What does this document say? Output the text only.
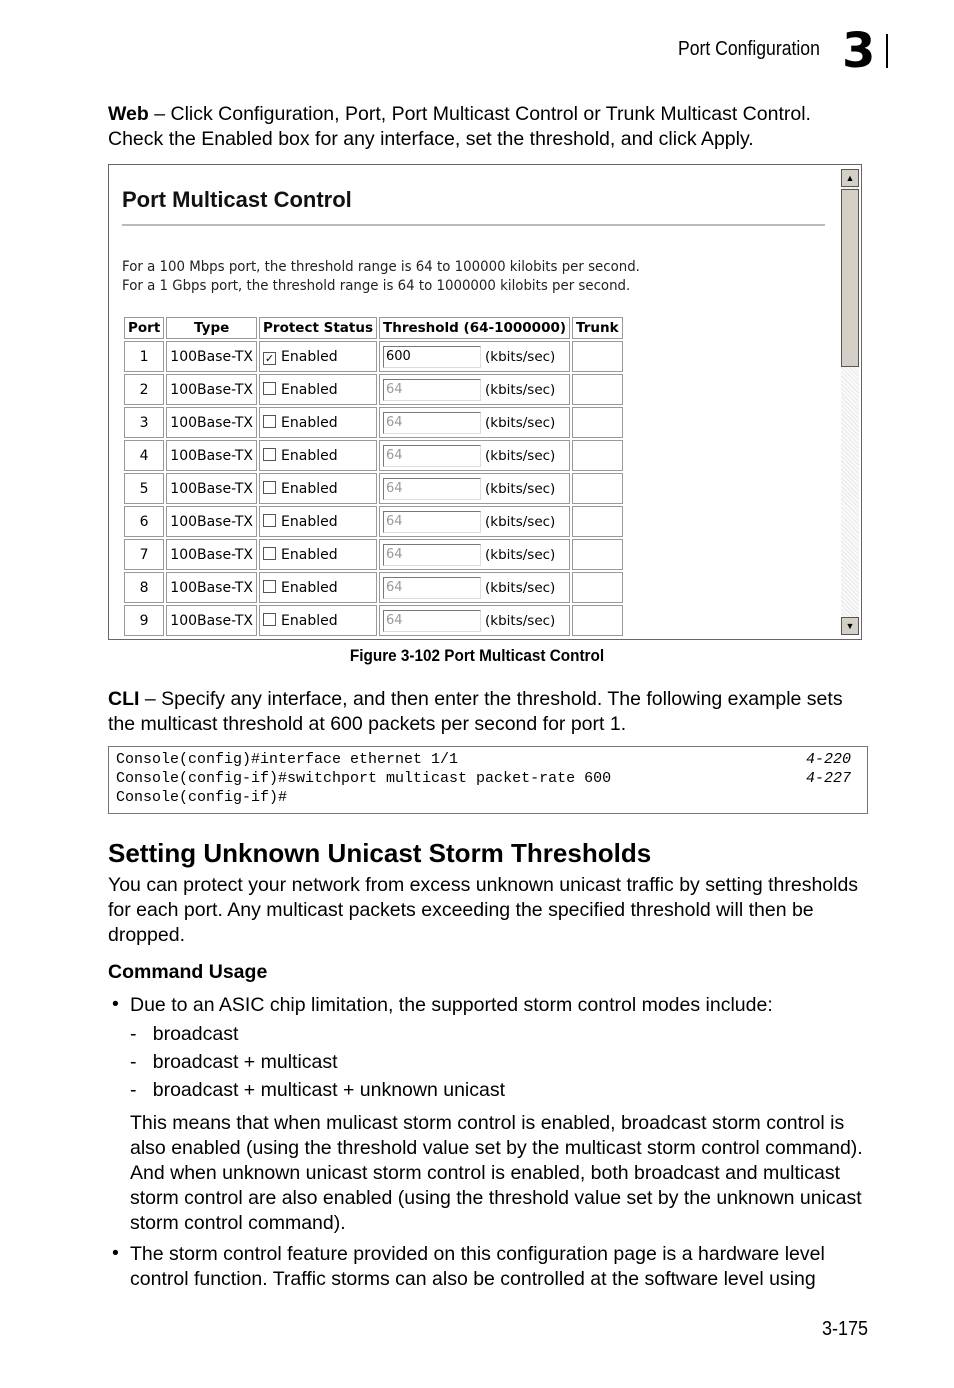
Port Configuration 3
Web – Click Configuration, Port, Port Multicast Control or Trunk Multicast Control. Check the Enabled box for any interface, set the threshold, and click Apply.
Port Multicast Control
For a 100 Mbps port, the threshold range is 64 to 100000 kilobits per second.
For a 1 Gbps port, the threshold range is 64 to 1000000 kilobits per second.
Port	Type	Protect Status	Threshold (64-1000000)	Trunk
1	100Base-TX	✓ Enabled	600 (kbits/sec)	
2	100Base-TX	Enabled	64 (kbits/sec)	
3	100Base-TX	Enabled	64 (kbits/sec)	
4	100Base-TX	Enabled	64 (kbits/sec)	
5	100Base-TX	Enabled	64 (kbits/sec)	
6	100Base-TX	Enabled	64 (kbits/sec)	
7	100Base-TX	Enabled	64 (kbits/sec)	
8	100Base-TX	Enabled	64 (kbits/sec)	
9	100Base-TX	Enabled	64 (kbits/sec)	
▲
▼
Figure 3-102 Port Multicast Control
CLI – Specify any interface, and then enter the threshold. The following example sets the multicast threshold at 600 packets per second for port 1.
Console(config)#interface ethernet 1/1	4-220
Console(config-if)#switchport multicast packet-rate 600	4-227
Console(config-if)#
Setting Unknown Unicast Storm Thresholds
You can protect your network from excess unknown unicast traffic by setting thresholds for each port. Any multicast packets exceeding the specified threshold will then be dropped.
Command Usage
• Due to an ASIC chip limitation, the supported storm control modes include:
-   broadcast
-   broadcast + multicast
-   broadcast + multicast + unknown unicast
This means that when mulicast storm control is enabled, broadcast storm control is also enabled (using the threshold value set by the multicast storm control command). And when unknown unicast storm control is enabled, both broadcast and multicast storm control are also enabled (using the threshold value set by the unknown unicast storm control command).
• The storm control feature provided on this configuration page is a hardware level control function. Traffic storms can also be controlled at the software level using
3-175
